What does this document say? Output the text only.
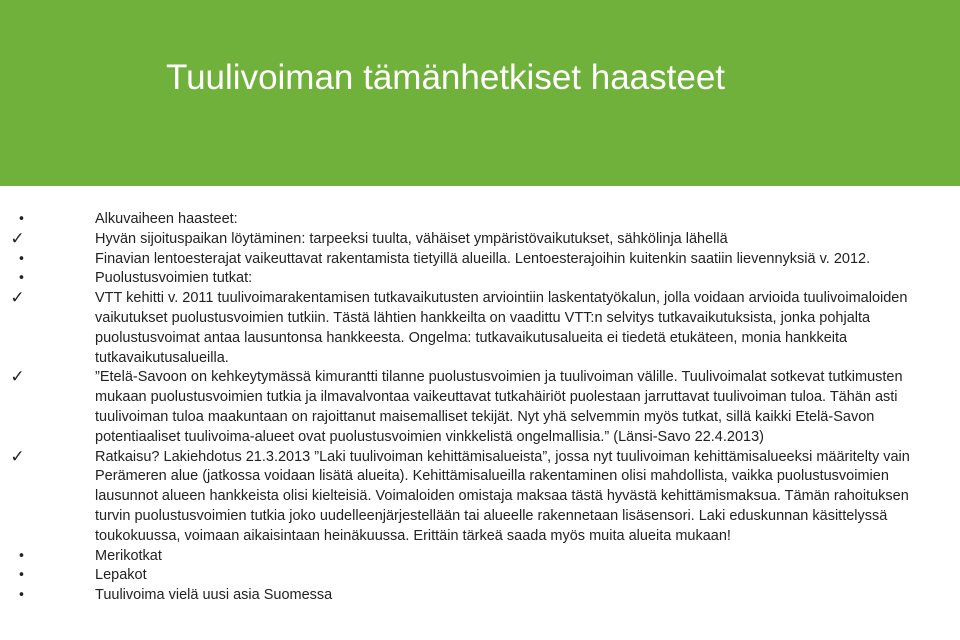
Tuulivoiman tämänhetkiset haasteet
•	Alkuvaiheen haasteet:
✓	Hyvän sijoituspaikan löytäminen: tarpeeksi tuulta, vähäiset ympäristövaikutukset, sähkölinja lähellä
•	Finavian lentoesterajat vaikeuttavat rakentamista tietyillä alueilla. Lentoesterajoihin kuitenkin saatiin lievennyksiä v. 2012.
•	Puolustusvoimien tutkat:
✓	VTT kehitti v. 2011 tuulivoimarakentamisen tutkavaikutusten arviointiin laskentatyökalun, jolla voidaan arvioida tuulivoimaloiden vaikutukset puolustusvoimien tutkiin. Tästä lähtien hankkeilta on vaadittu VTT:n selvitys tutkavaikutuksista, jonka pohjalta puolustusvoimat antaa lausuntonsa hankkeesta. Ongelma: tutkavaikutusalueita ei tiedetä etukäteen, monia hankkeita tutkavaikutusalueilla.
✓	”Etelä-Savoon on kehkeytymässä kimurantti tilanne puolustusvoimien ja tuulivoiman välille. Tuulivoimalat sotkevat tutkimusten mukaan puolustusvoimien tutkia ja ilmavalvontaa vaikeuttavat tutkahäiriöt puolestaan jarruttavat tuulivoiman tuloa. Tähän asti tuulivoiman tuloa maakuntaan on rajoittanut maisemalliset tekijät. Nyt yhä selvemmin myös tutkat, sillä kaikki Etelä-Savon potentiaaliset tuulivoima-alueet ovat puolustusvoimien vinkkelistä ongelmallisia.” (Länsi-Savo 22.4.2013)
✓	Ratkaisu? Lakiehdotus 21.3.2013 ”Laki tuulivoiman kehittämisalueista”, jossa nyt tuulivoiman kehittämisalueeksi määritelty vain Perämeren alue (jatkossa voidaan lisätä alueita). Kehittämisalueilla rakentaminen olisi mahdollista, vaikka puolustusvoimien lausunnot alueen hankkeista olisi kielteisiä. Voimaloiden omistaja maksaa tästä hyvästä kehittämismaksua. Tämän rahoituksen turvin puolustusvoimien tutkia joko uudelleenjärjestellään tai alueelle rakennetaan lisäsensori. Laki eduskunnan käsittelyssä toukokuussa, voimaan aikaisintaan heinäkuussa. Erittäin tärkeä saada myös muita alueita mukaan!
•	Merikotkat
•	Lepakot
•	Tuulivoima vielä uusi asia Suomessa
